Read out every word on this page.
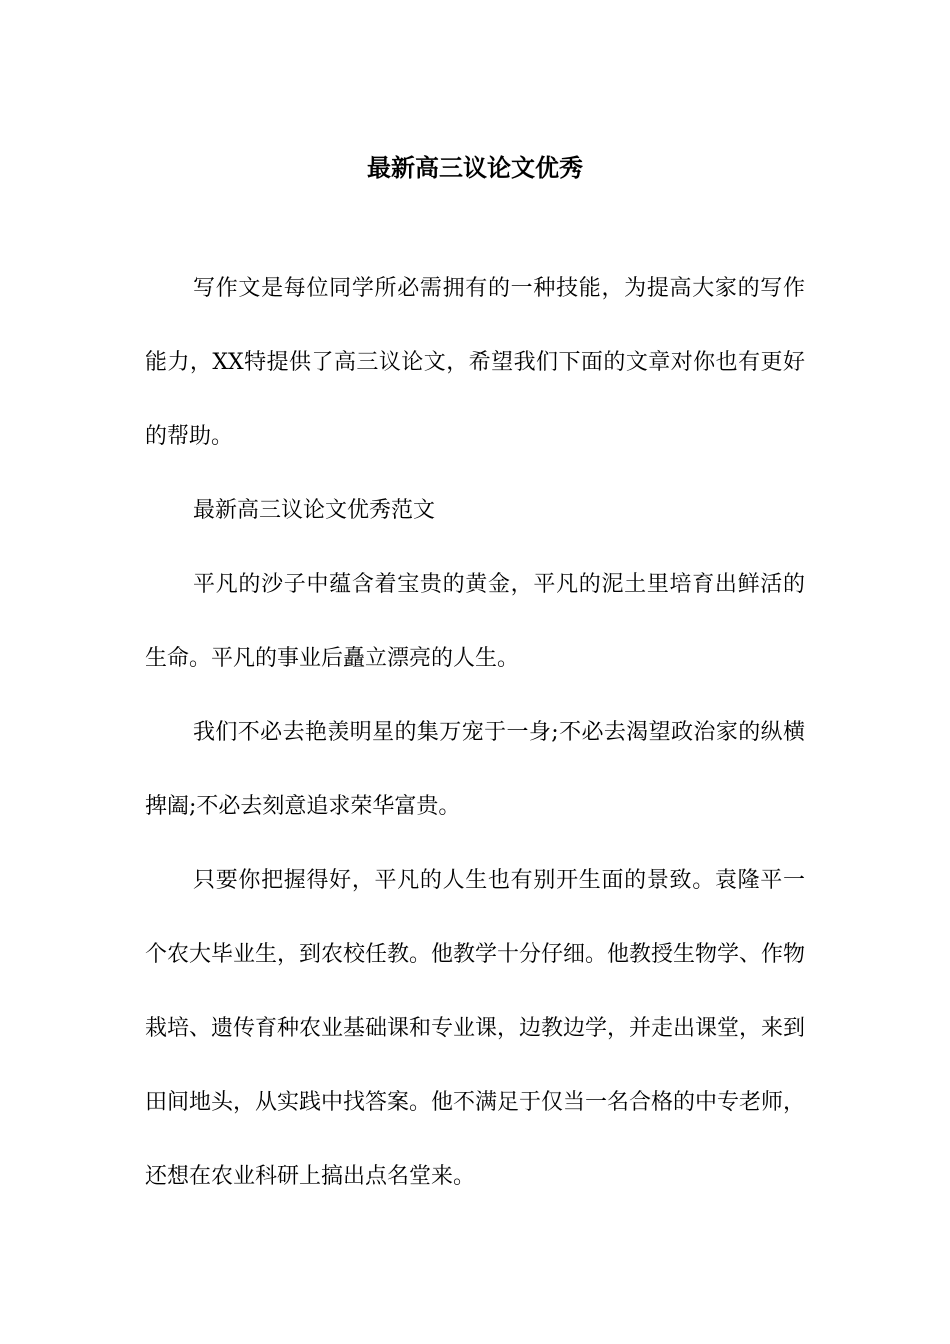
最新高三议论文优秀

写作文是每位同学所必需拥有的一种技能，为提高大家的写作能力，XX特提供了高三议论文，希望我们下面的文章对你也有更好的帮助。

最新高三议论文优秀范文

平凡的沙子中蕴含着宝贵的黄金，平凡的泥土里培育出鲜活的生命。平凡的事业后矗立漂亮的人生。

我们不必去艳羡明星的集万宠于一身;不必去渴望政治家的纵横捭阖;不必去刻意追求荣华富贵。

只要你把握得好，平凡的人生也有别开生面的景致。袁隆平一个农大毕业生，到农校任教。他教学十分仔细。他教授生物学、作物栽培、遗传育种农业基础课和专业课，边教边学，并走出课堂，来到田间地头，从实践中找答案。他不满足于仅当一名合格的中专老师，还想在农业科研上搞出点名堂来。
